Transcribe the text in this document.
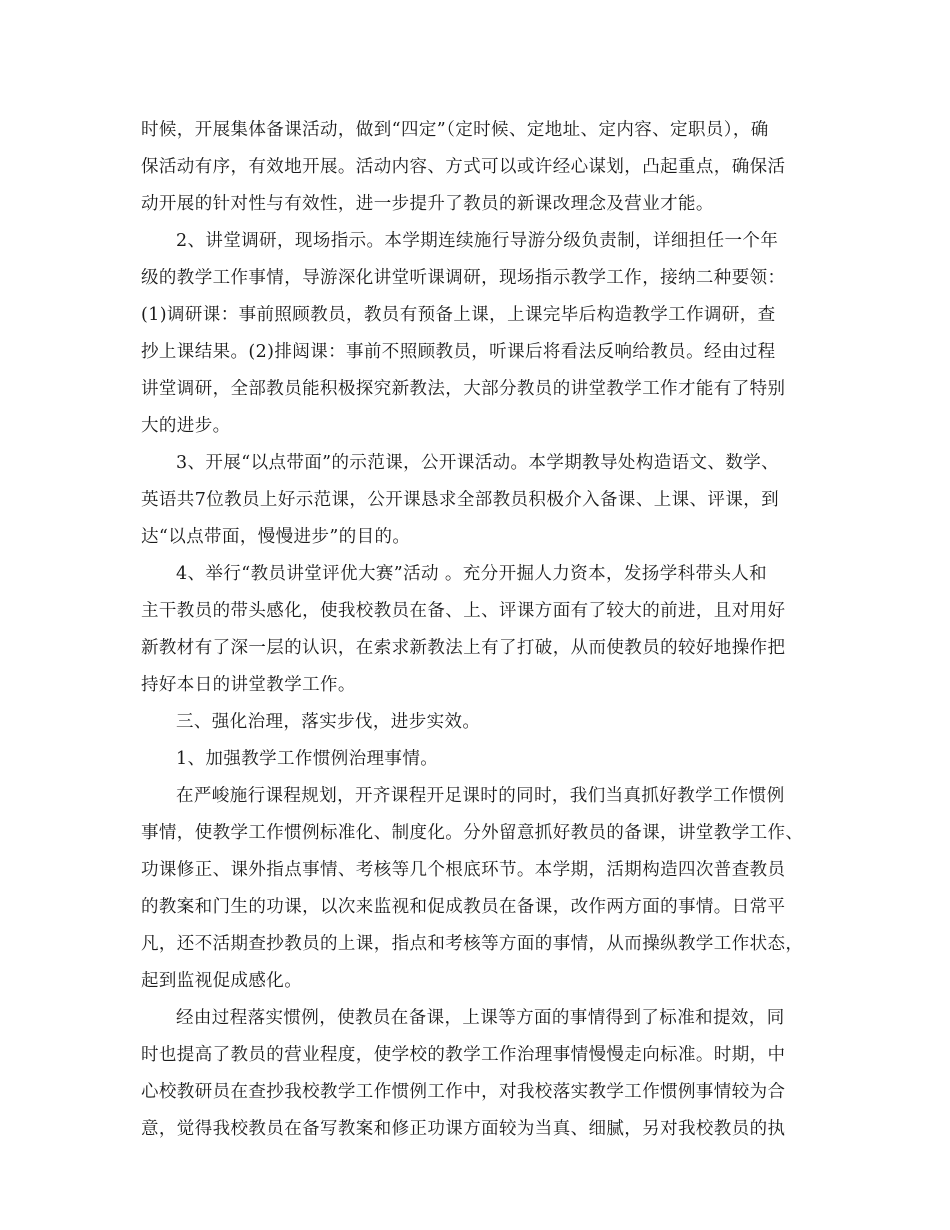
时候，开展集体备课活动，做到“四定”（定时候、定地址、定内容、定职员），确
保活动有序，有效地开展。活动内容、方式可以或许经心谋划，凸起重点，确保活
动开展的针对性与有效性，进一步提升了教员的新课改理念及营业才能。
2、讲堂调研，现场指示。本学期连续施行导游分级负责制，详细担任一个年
级的教学工作事情，导游深化讲堂听课调研，现场指示教学工作，接纳二种要领：
(1)调研课：事前照顾教员，教员有预备上课，上课完毕后构造教学工作调研，查
抄上课结果。(2)排闼课：事前不照顾教员，听课后将看法反响给教员。经由过程
讲堂调研，全部教员能积极探究新教法，大部分教员的讲堂教学工作才能有了特别
大的进步。
3、开展“以点带面”的示范课，公开课活动。本学期教导处构造语文、数学、
英语共7位教员上好示范课，公开课恳求全部教员积极介入备课、上课、评课，到
达“以点带面，慢慢进步”的目的。
4、举行“教员讲堂评优大赛”活动 。充分开掘人力资本，发扬学科带头人和
主干教员的带头感化，使我校教员在备、上、评课方面有了较大的前进，且对用好
新教材有了深一层的认识，在索求新教法上有了打破，从而使教员的较好地操作把
持好本日的讲堂教学工作。
三、强化治理，落实步伐，进步实效。
1、加强教学工作惯例治理事情。
在严峻施行课程规划，开齐课程开足课时的同时，我们当真抓好教学工作惯例
事情，使教学工作惯例标准化、制度化。分外留意抓好教员的备课，讲堂教学工作、
功课修正、课外指点事情、考核等几个根底环节。本学期，活期构造四次普查教员
的教案和门生的功课，以次来监视和促成教员在备课，改作两方面的事情。日常平
凡，还不活期查抄教员的上课，指点和考核等方面的事情，从而操纵教学工作状态，
起到监视促成感化。
经由过程落实惯例，使教员在备课，上课等方面的事情得到了标准和提效，同
时也提高了教员的营业程度，使学校的教学工作治理事情慢慢走向标准。时期，中
心校教研员在查抄我校教学工作惯例工作中，对我校落实教学工作惯例事情较为合
意，觉得我校教员在备写教案和修正功课方面较为当真、细腻，另对我校教员的执
